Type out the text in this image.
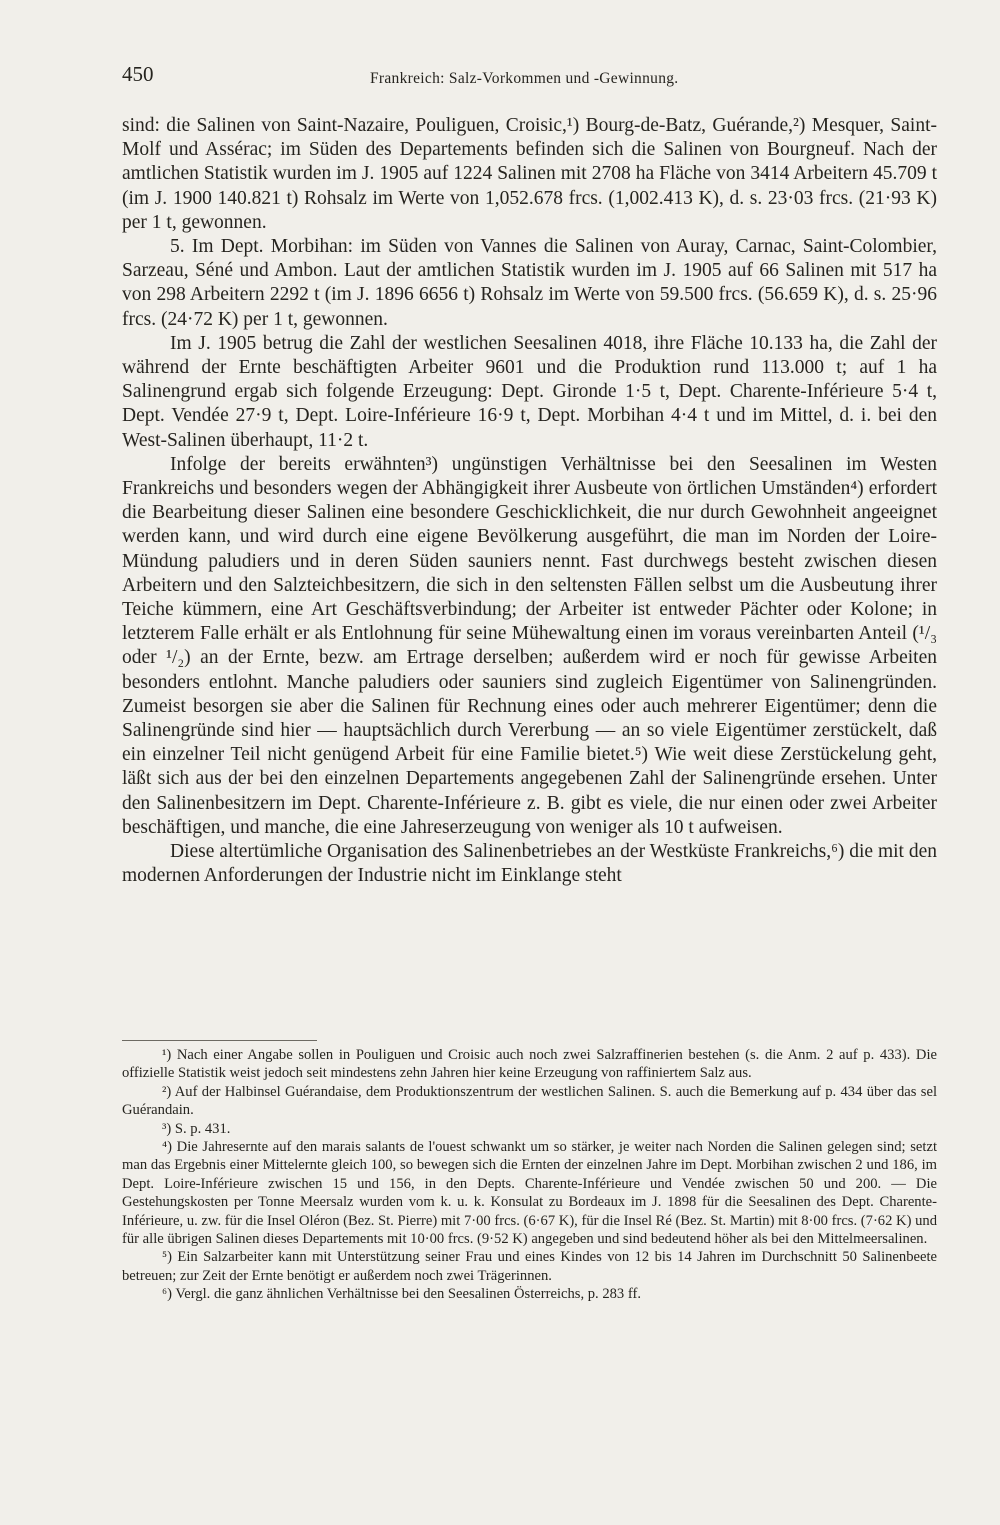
450	Frankreich: Salz-Vorkommen und -Gewinnung.

sind: die Salinen von Saint-Nazaire, Pouliguen, Croisic,¹) Bourg-de-Batz, Guérande,²) Mesquer, Saint-Molf und Assérac; im Süden des Departements befinden sich die Salinen von Bourgneuf. Nach der amtlichen Statistik wurden im J. 1905 auf 1224 Salinen mit 2708 ha Fläche von 3414 Arbeitern 45.709 t (im J. 1900 140.821 t) Rohsalz im Werte von 1,052.678 frcs. (1,002.413 K), d. s. 23·03 frcs. (21·93 K) per 1 t, gewonnen.

5. Im Dept. Morbihan: im Süden von Vannes die Salinen von Auray, Carnac, Saint-Colombier, Sarzeau, Séné und Ambon. Laut der amtlichen Statistik wurden im J. 1905 auf 66 Salinen mit 517 ha von 298 Arbeitern 2292 t (im J. 1896 6656 t) Rohsalz im Werte von 59.500 frcs. (56.659 K), d. s. 25·96 frcs. (24·72 K) per 1 t, gewonnen.

Im J. 1905 betrug die Zahl der westlichen Seesalinen 4018, ihre Fläche 10.133 ha, die Zahl der während der Ernte beschäftigten Arbeiter 9601 und die Produktion rund 113.000 t; auf 1 ha Salinengrund ergab sich folgende Erzeugung: Dept. Gironde 1·5 t, Dept. Charente-Inférieure 5·4 t, Dept. Vendée 27·9 t, Dept. Loire-Inférieure 16·9 t, Dept. Morbihan 4·4 t und im Mittel, d. i. bei den West-Salinen überhaupt, 11·2 t.

Infolge der bereits erwähnten³) ungünstigen Verhältnisse bei den Seesalinen im Westen Frankreichs und besonders wegen der Abhängigkeit ihrer Ausbeute von örtlichen Umständen⁴) erfordert die Bearbeitung dieser Salinen eine besondere Geschicklichkeit, die nur durch Gewohnheit angeeignet werden kann, und wird durch eine eigene Bevölkerung ausgeführt, die man im Norden der Loire-Mündung paludiers und in deren Süden sauniers nennt. Fast durchwegs besteht zwischen diesen Arbeitern und den Salzteichbesitzern, die sich in den seltensten Fällen selbst um die Ausbeutung ihrer Teiche kümmern, eine Art Geschäftsverbindung; der Arbeiter ist entweder Pächter oder Kolone; in letzterem Falle erhält er als Entlohnung für seine Mühewaltung einen im voraus vereinbarten Anteil (¹/₃ oder ¹/₂) an der Ernte, bezw. am Ertrage derselben; außerdem wird er noch für gewisse Arbeiten besonders entlohnt. Manche paludiers oder sauniers sind zugleich Eigentümer von Salinengründen. Zumeist besorgen sie aber die Salinen für Rechnung eines oder auch mehrerer Eigentümer; denn die Salinengründe sind hier — hauptsächlich durch Vererbung — an so viele Eigentümer zerstückelt, daß ein einzelner Teil nicht genügend Arbeit für eine Familie bietet.⁵) Wie weit diese Zerstückelung geht, läßt sich aus der bei den einzelnen Departements angegebenen Zahl der Salinengründe ersehen. Unter den Salinenbesitzern im Dept. Charente-Inférieure z. B. gibt es viele, die nur einen oder zwei Arbeiter beschäftigen, und manche, die eine Jahreserzeugung von weniger als 10 t aufweisen.

Diese altertümliche Organisation des Salinenbetriebes an der Westküste Frankreichs,⁶) die mit den modernen Anforderungen der Industrie nicht im Einklange steht

¹) Nach einer Angabe sollen in Pouliguen und Croisic auch noch zwei Salzraffinerien bestehen (s. die Anm. 2 auf p. 433). Die offizielle Statistik weist jedoch seit mindestens zehn Jahren hier keine Erzeugung von raffiniertem Salz aus.

²) Auf der Halbinsel Guérandaise, dem Produktionszentrum der westlichen Salinen. S. auch die Bemerkung auf p. 434 über das sel Guérandain.

³) S. p. 431.

⁴) Die Jahresernte auf den marais salants de l'ouest schwankt um so stärker, je weiter nach Norden die Salinen gelegen sind; setzt man das Ergebnis einer Mittelernte gleich 100, so bewegen sich die Ernten der einzelnen Jahre im Dept. Morbihan zwischen 2 und 186, im Dept. Loire-Inférieure zwischen 15 und 156, in den Depts. Charente-Inférieure und Vendée zwischen 50 und 200. — Die Gestehungskosten per Tonne Meersalz wurden vom k. u. k. Konsulat zu Bordeaux im J. 1898 für die Seesalinen des Dept. Charente-Inférieure, u. zw. für die Insel Oléron (Bez. St. Pierre) mit 7·00 frcs. (6·67 K), für die Insel Ré (Bez. St. Martin) mit 8·00 frcs. (7·62 K) und für alle übrigen Salinen dieses Departements mit 10·00 frcs. (9·52 K) angegeben und sind bedeutend höher als bei den Mittelmeersalinen.

⁵) Ein Salzarbeiter kann mit Unterstützung seiner Frau und eines Kindes von 12 bis 14 Jahren im Durchschnitt 50 Salinenbeete betreuen; zur Zeit der Ernte benötigt er außerdem noch zwei Trägerinnen.

⁶) Vergl. die ganz ähnlichen Verhältnisse bei den Seesalinen Österreichs, p. 283 ff.
